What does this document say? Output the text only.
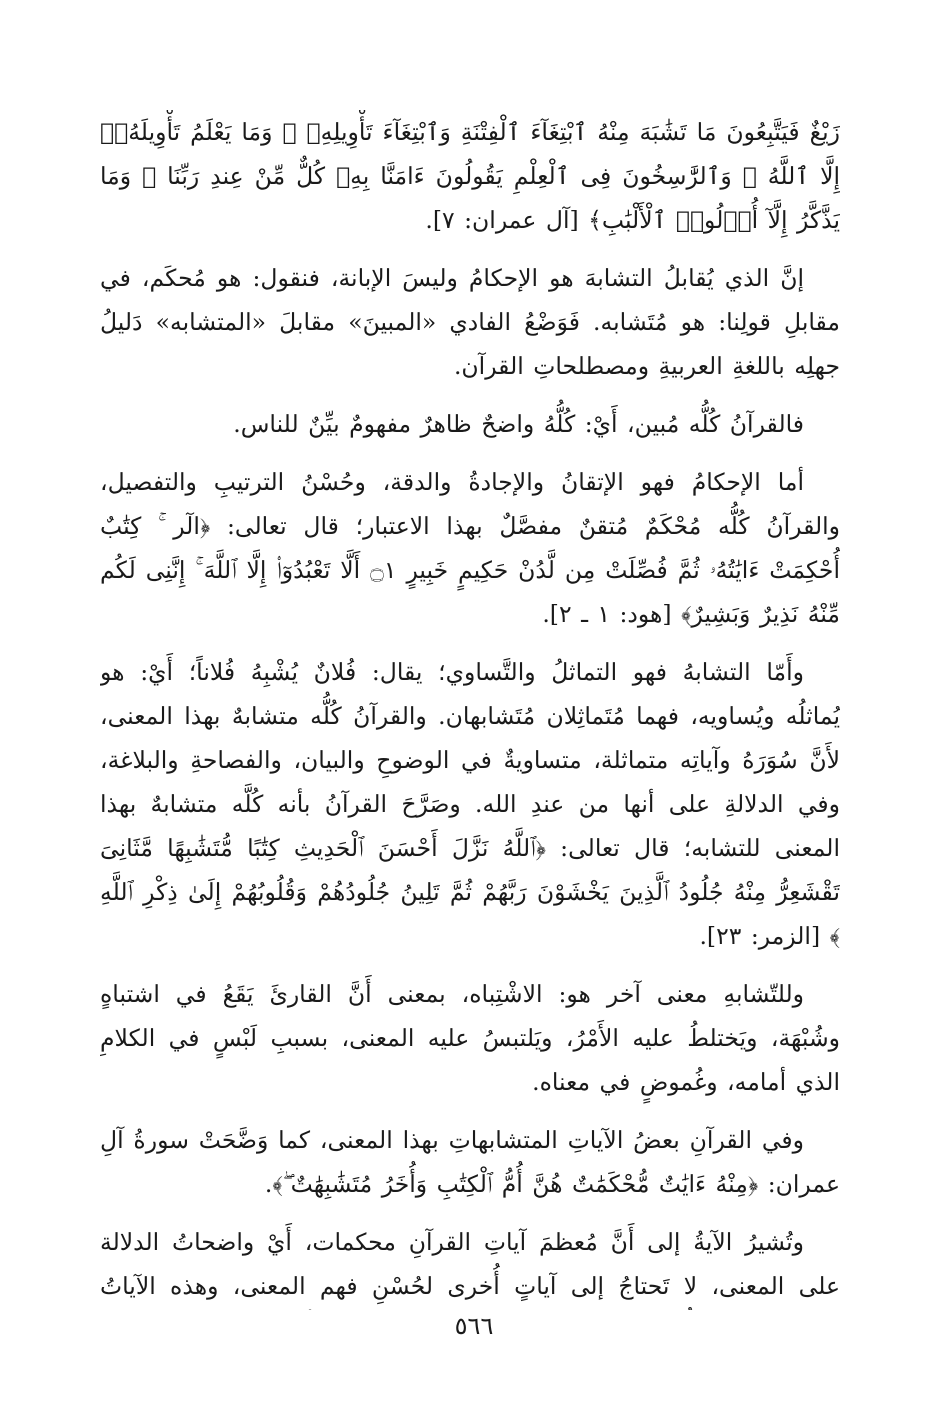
زَيْغٌ فَيَتَّبِعُونَ مَا تَشَٰبَهَ مِنْهُ ٱبْتِغَآءَ ٱلْفِتْنَةِ وَٱبْتِغَآءَ تَأْوِيلِهِۦ ۗ وَمَا يَعْلَمُ تَأْوِيلَهُۥٓ إِلَّا ٱللَّهُ ۗ وَٱلرَّٰسِخُونَ فِى ٱلْعِلْمِ يَقُولُونَ ءَامَنَّا بِهِۦ كُلٌّ مِّنْ عِندِ رَبِّنَا ۗ وَمَا يَذَّكَّرُ إِلَّآ أُو۟لُوا۟ ٱلْأَلْبَٰبِ﴾ [آل عمران: ٧].

إنَّ الذي يُقابلُ التشابهَ هو الإحكامُ وليسَ الإبانة، فنقول: هو مُحكَم، في مقابلِ قولِنا: هو مُتَشابه. فَوَضْعُ الفادي «المبينَ» مقابلَ «المتشابه» دَليلُ جهلِه باللغةِ العربيةِ ومصطلحاتِ القرآن.

فالقرآنُ كُلُّه مُبين، أَيْ: كُلُّهُ واضحٌ ظاهرٌ مفهومٌ بيِّنٌ للناس.

أما الإحكامُ فهو الإتقانُ والإجادةُ والدقة، وحُسْنُ الترتيبِ والتفصيل، والقرآنُ كُلُّه مُحْكَمٌ مُتقنٌ مفصَّلٌ بهذا الاعتبار؛ قال تعالى: ﴿الٓر ۚ كِتَٰبٌ أُحْكِمَتْ ءَايَٰتُهُۥ ثُمَّ فُصِّلَتْ مِن لَّدُنْ حَكِيمٍ خَبِيرٍ ۝١ أَلَّا تَعْبُدُوٓا۟ إِلَّا ٱللَّهَ ۚ إِنَّنِى لَكُم مِّنْهُ نَذِيرٌ وَبَشِيرٌ﴾ [هود: ١ ـ ٢].

وأَمّا التشابهُ فهو التماثلُ والتَّساوي؛ يقال: فُلانٌ يُشْبِهُ فُلاناً؛ أَيْ: هو يُماثلُه ويُساويه، فهما مُتَماثِلان مُتَشابهان. والقرآنُ كُلُّه متشابهٌ بهذا المعنى، لأَنَّ سُوَرَهُ وآياتِه متماثلة، متساويةٌ في الوضوحِ والبيان، والفصاحةِ والبلاغة، وفي الدلالةِ على أنها من عندِ الله. وصَرَّحَ القرآنُ بأنه كُلَّه متشابهٌ بهذا المعنى للتشابه؛ قال تعالى: ﴿ٱللَّهُ نَزَّلَ أَحْسَنَ ٱلْحَدِيثِ كِتَٰبًا مُّتَشَٰبِهًا مَّثَانِىَ تَقْشَعِرُّ مِنْهُ جُلُودُ ٱلَّذِينَ يَخْشَوْنَ رَبَّهُمْ ثُمَّ تَلِينُ جُلُودُهُمْ وَقُلُوبُهُمْ إِلَىٰ ذِكْرِ ٱللَّهِ ۚ﴾ [الزمر: ٢٣].

وللتّشابهِ معنى آخر هو: الاشْتِباه، بمعنى أَنَّ القارئَ يَقَعُ في اشتباهٍ وشُبْهَة، ويَختلطُ عليه الأَمْرُ، ويَلتبسُ عليه المعنى، بسببِ لَبْسٍ في الكلامِ الذي أمامه، وغُموضٍ في معناه.

وفي القرآنِ بعضُ الآياتِ المتشابهاتِ بهذا المعنى، كما وَضَّحَتْ سورةُ آلِ عمران: ﴿مِنْهُ ءَايَٰتٌ مُّحْكَمَٰتٌ هُنَّ أُمُّ ٱلْكِتَٰبِ وَأُخَرُ مُتَشَٰبِهَٰتٌ ۖ﴾.

وتُشيرُ الآيةُ إلى أَنَّ مُعظمَ آياتِ القرآنِ محكمات، أَيْ واضحاتُ الدلالة على المعنى، لا تَحتاجُ إلى آياتٍ أُخرى لحُسْنِ فهم المعنى، وهذه الآياتُ

٥٦٦
